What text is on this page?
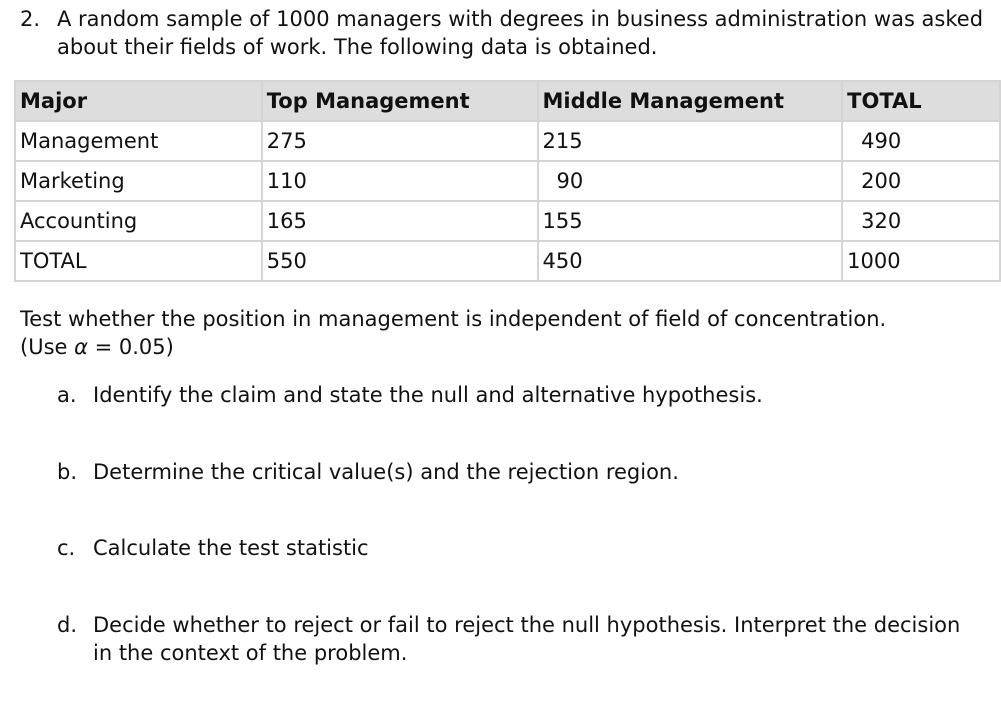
2. A random sample of 1000 managers with degrees in business administration was asked about their fields of work. The following data is obtained.
Major	Top Management	Middle Management	TOTAL
Management	275	215	490
Marketing	110	90	200
Accounting	165	155	320
TOTAL	550	450	1000
Test whether the position in management is independent of field of concentration.
(Use α = 0.05)
a. Identify the claim and state the null and alternative hypothesis.
b. Determine the critical value(s) and the rejection region.
c. Calculate the test statistic
d. Decide whether to reject or fail to reject the null hypothesis. Interpret the decision in the context of the problem.
